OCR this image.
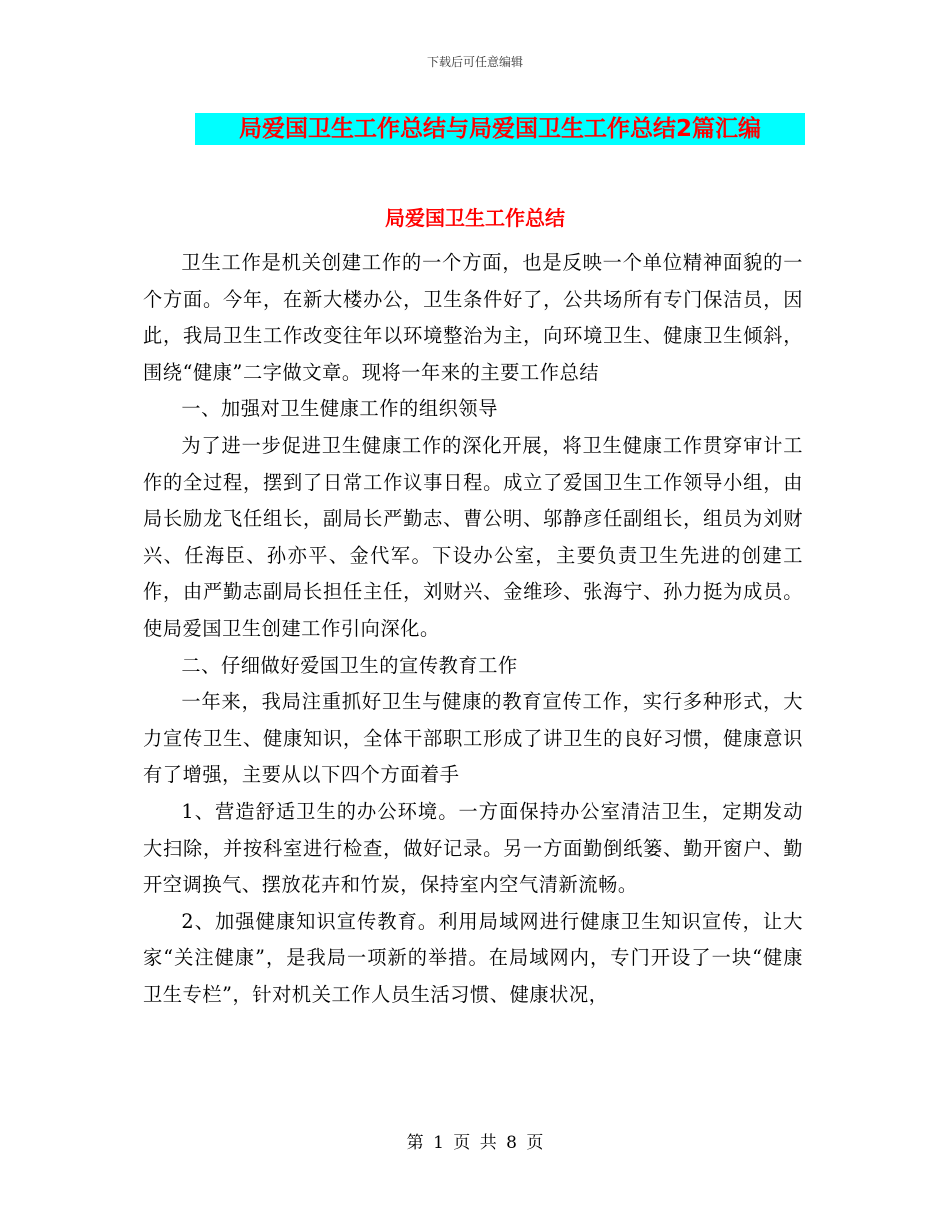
下载后可任意编辑
局爱国卫生工作总结与局爱国卫生工作总结2篇汇编
局爱国卫生工作总结

卫生工作是机关创建工作的一个方面，也是反映一个单位精神面貌的一个方面。今年，在新大楼办公，卫生条件好了，公共场所有专门保洁员，因此，我局卫生工作改变往年以环境整治为主，向环境卫生、健康卫生倾斜，围绕“健康”二字做文章。现将一年来的主要工作总结

一、加强对卫生健康工作的组织领导

为了进一步促进卫生健康工作的深化开展，将卫生健康工作贯穿审计工作的全过程，摆到了日常工作议事日程。成立了爱国卫生工作领导小组，由局长励龙飞任组长，副局长严勤志、曹公明、邬静彦任副组长，组员为刘财兴、任海臣、孙亦平、金代军。下设办公室，主要负责卫生先进的创建工作，由严勤志副局长担任主任，刘财兴、金维珍、张海宁、孙力挺为成员。使局爱国卫生创建工作引向深化。

二、仔细做好爱国卫生的宣传教育工作

一年来，我局注重抓好卫生与健康的教育宣传工作，实行多种形式，大力宣传卫生、健康知识，全体干部职工形成了讲卫生的良好习惯，健康意识有了增强，主要从以下四个方面着手

1、营造舒适卫生的办公环境。一方面保持办公室清洁卫生，定期发动大扫除，并按科室进行检查，做好记录。另一方面勤倒纸篓、勤开窗户、勤开空调换气、摆放花卉和竹炭，保持室内空气清新流畅。

2、加强健康知识宣传教育。利用局域网进行健康卫生知识宣传，让大家“关注健康”，是我局一项新的举措。在局域网内，专门开设了一块“健康卫生专栏”，针对机关工作人员生活习惯、健康状况，

第 1 页 共 8 页
